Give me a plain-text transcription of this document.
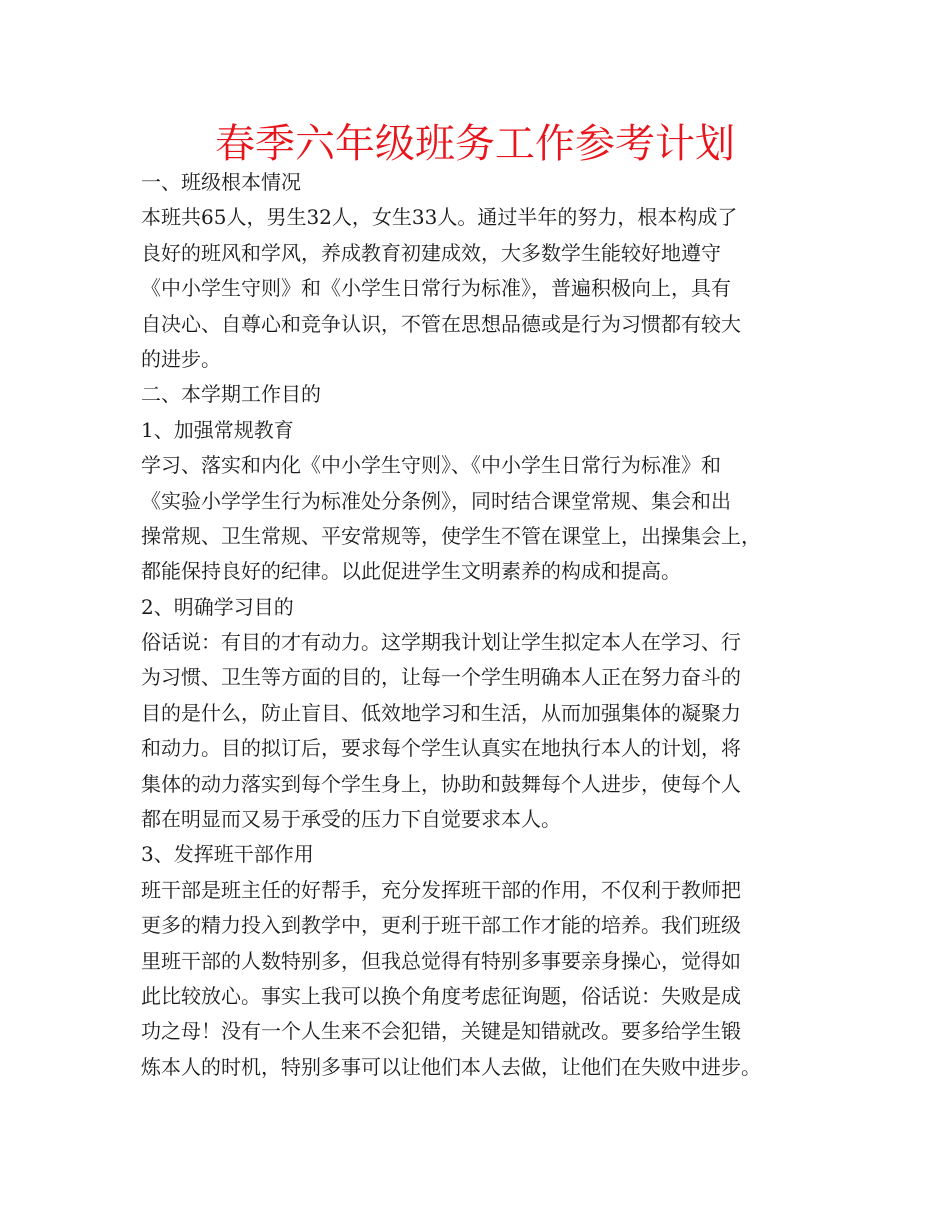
春季六年级班务工作参考计划
一、班级根本情况
本班共65人，男生32人，女生33人。通过半年的努力，根本构成了
良好的班风和学风，养成教育初建成效，大多数学生能较好地遵守
《中小学生守则》和《小学生日常行为标准》，普遍积极向上，具有
自决心、自尊心和竞争认识，不管在思想品德或是行为习惯都有较大
的进步。
二、本学期工作目的
1、加强常规教育
学习、落实和内化《中小学生守则》、《中小学生日常行为标准》和
《实验小学学生行为标准处分条例》，同时结合课堂常规、集会和出
操常规、卫生常规、平安常规等，使学生不管在课堂上，出操集会上，
都能保持良好的纪律。以此促进学生文明素养的构成和提高。
2、明确学习目的
俗话说：有目的才有动力。这学期我计划让学生拟定本人在学习、行
为习惯、卫生等方面的目的，让每一个学生明确本人正在努力奋斗的
目的是什么，防止盲目、低效地学习和生活，从而加强集体的凝聚力
和动力。目的拟订后，要求每个学生认真实在地执行本人的计划，将
集体的动力落实到每个学生身上，协助和鼓舞每个人进步，使每个人
都在明显而又易于承受的压力下自觉要求本人。
3、发挥班干部作用
班干部是班主任的好帮手，充分发挥班干部的作用，不仅利于教师把
更多的精力投入到教学中，更利于班干部工作才能的培养。我们班级
里班干部的人数特别多，但我总觉得有特别多事要亲身操心，觉得如
此比较放心。事实上我可以换个角度考虑征询题，俗话说：失败是成
功之母！没有一个人生来不会犯错，关键是知错就改。要多给学生锻
炼本人的时机，特别多事可以让他们本人去做，让他们在失败中进步。
